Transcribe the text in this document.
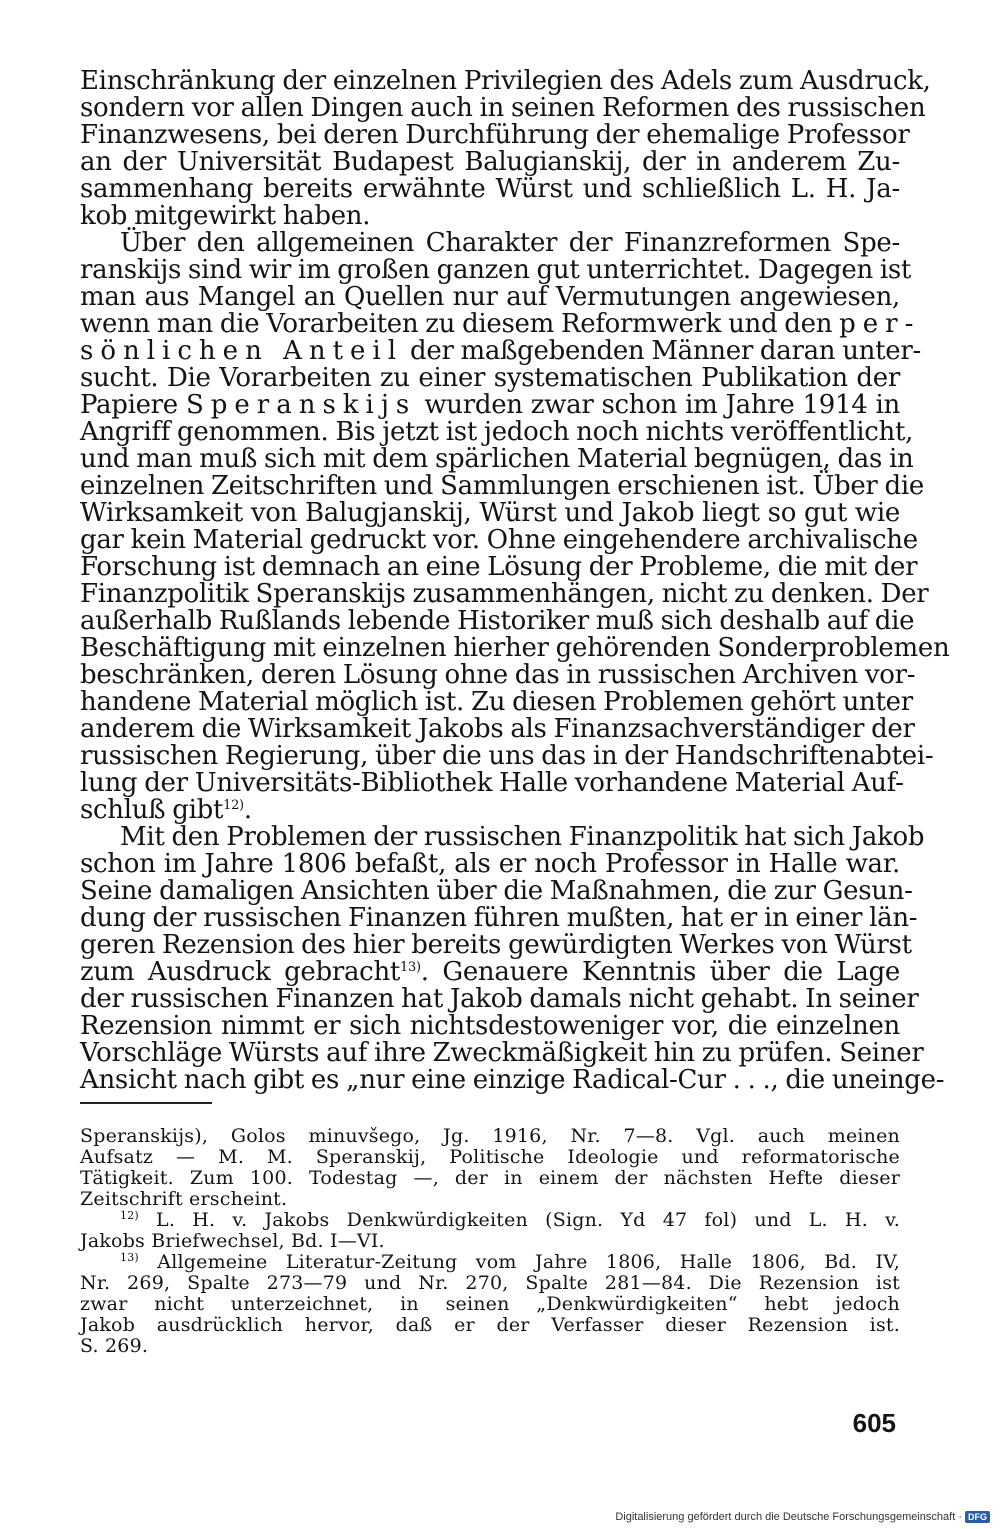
Einschränkung der einzelnen Privilegien des Adels zum Ausdruck,
sondern vor allen Dingen auch in seinen Reformen des russischen
Finanzwesens, bei deren Durchführung der ehemalige Professor
an der Universität Budapest Balugianskij, der in anderem Zu-
sammenhang bereits erwähnte Würst und schließlich L. H. Ja-
kob mitgewirkt haben.
Über den allgemeinen Charakter der Finanzreformen Spe-
ranskijs sind wir im großen ganzen gut unterrichtet. Dagegen ist
man aus Mangel an Quellen nur auf Vermutungen angewiesen,
wenn man die Vorarbeiten zu diesem Reformwerk und den per-
sönlichen Anteil der maßgebenden Männer daran unter-
sucht. Die Vorarbeiten zu einer systematischen Publikation der
Papiere Speranskijs wurden zwar schon im Jahre 1914 in
Angriff genommen. Bis jetzt ist jedoch noch nichts veröffentlicht,
und man muß sich mit dem spärlichen Material begnügen, das in
einzelnen Zeitschriften und Sammlungen erschienen ist. Über die
Wirksamkeit von Balugjanskij, Würst und Jakob liegt so gut wie
gar kein Material gedruckt vor. Ohne eingehendere archivalische
Forschung ist demnach an eine Lösung der Probleme, die mit der
Finanzpolitik Speranskijs zusammenhängen, nicht zu denken. Der
außerhalb Rußlands lebende Historiker muß sich deshalb auf die
Beschäftigung mit einzelnen hierher gehörenden Sonderproblemen
beschränken, deren Lösung ohne das in russischen Archiven vor-
handene Material möglich ist. Zu diesen Problemen gehört unter
anderem die Wirksamkeit Jakobs als Finanzsachverständiger der
russischen Regierung, über die uns das in der Handschriftenabtei-
lung der Universitäts-Bibliothek Halle vorhandene Material Auf-
schluß gibt$^{12)}$.
Mit den Problemen der russischen Finanzpolitik hat sich Jakob
schon im Jahre 1806 befaßt, als er noch Professor in Halle war.
Seine damaligen Ansichten über die Maßnahmen, die zur Gesun-
dung der russischen Finanzen führen mußten, hat er in einer län-
geren Rezension des hier bereits gewürdigten Werkes von Würst
zum Ausdruck gebracht$^{13)}$. Genauere Kenntnis über die Lage
der russischen Finanzen hat Jakob damals nicht gehabt. In seiner
Rezension nimmt er sich nichtsdestoweniger vor, die einzelnen
Vorschläge Würsts auf ihre Zweckmäßigkeit hin zu prüfen. Seiner
Ansicht nach gibt es „nur eine einzige Radical-Cur . . ., die uneinge-
Speranskijs), Golos minuvšego, Jg. 1916, Nr. 7—8. Vgl. auch meinen
Aufsatz — M. M. Speranskij, Politische Ideologie und reformatorische
Tätigkeit. Zum 100. Todestag —, der in einem der nächsten Hefte dieser
Zeitschrift erscheint.
$^{12)}$ L. H. v. Jakobs Denkwürdigkeiten (Sign. Yd 47 fol) und L. H. v.
Jakobs Briefwechsel, Bd. I—VI.
$^{13)}$ Allgemeine Literatur-Zeitung vom Jahre 1806, Halle 1806, Bd. IV,
Nr. 269, Spalte 273—79 und Nr. 270, Spalte 281—84. Die Rezension ist
zwar nicht unterzeichnet, in seinen „Denkwürdigkeiten“ hebt jedoch
Jakob ausdrücklich hervor, daß er der Verfasser dieser Rezension ist.
S. 269.
605
Digitalisierung gefördert durch die Deutsche Forschungsgemeinschaft · DFG
